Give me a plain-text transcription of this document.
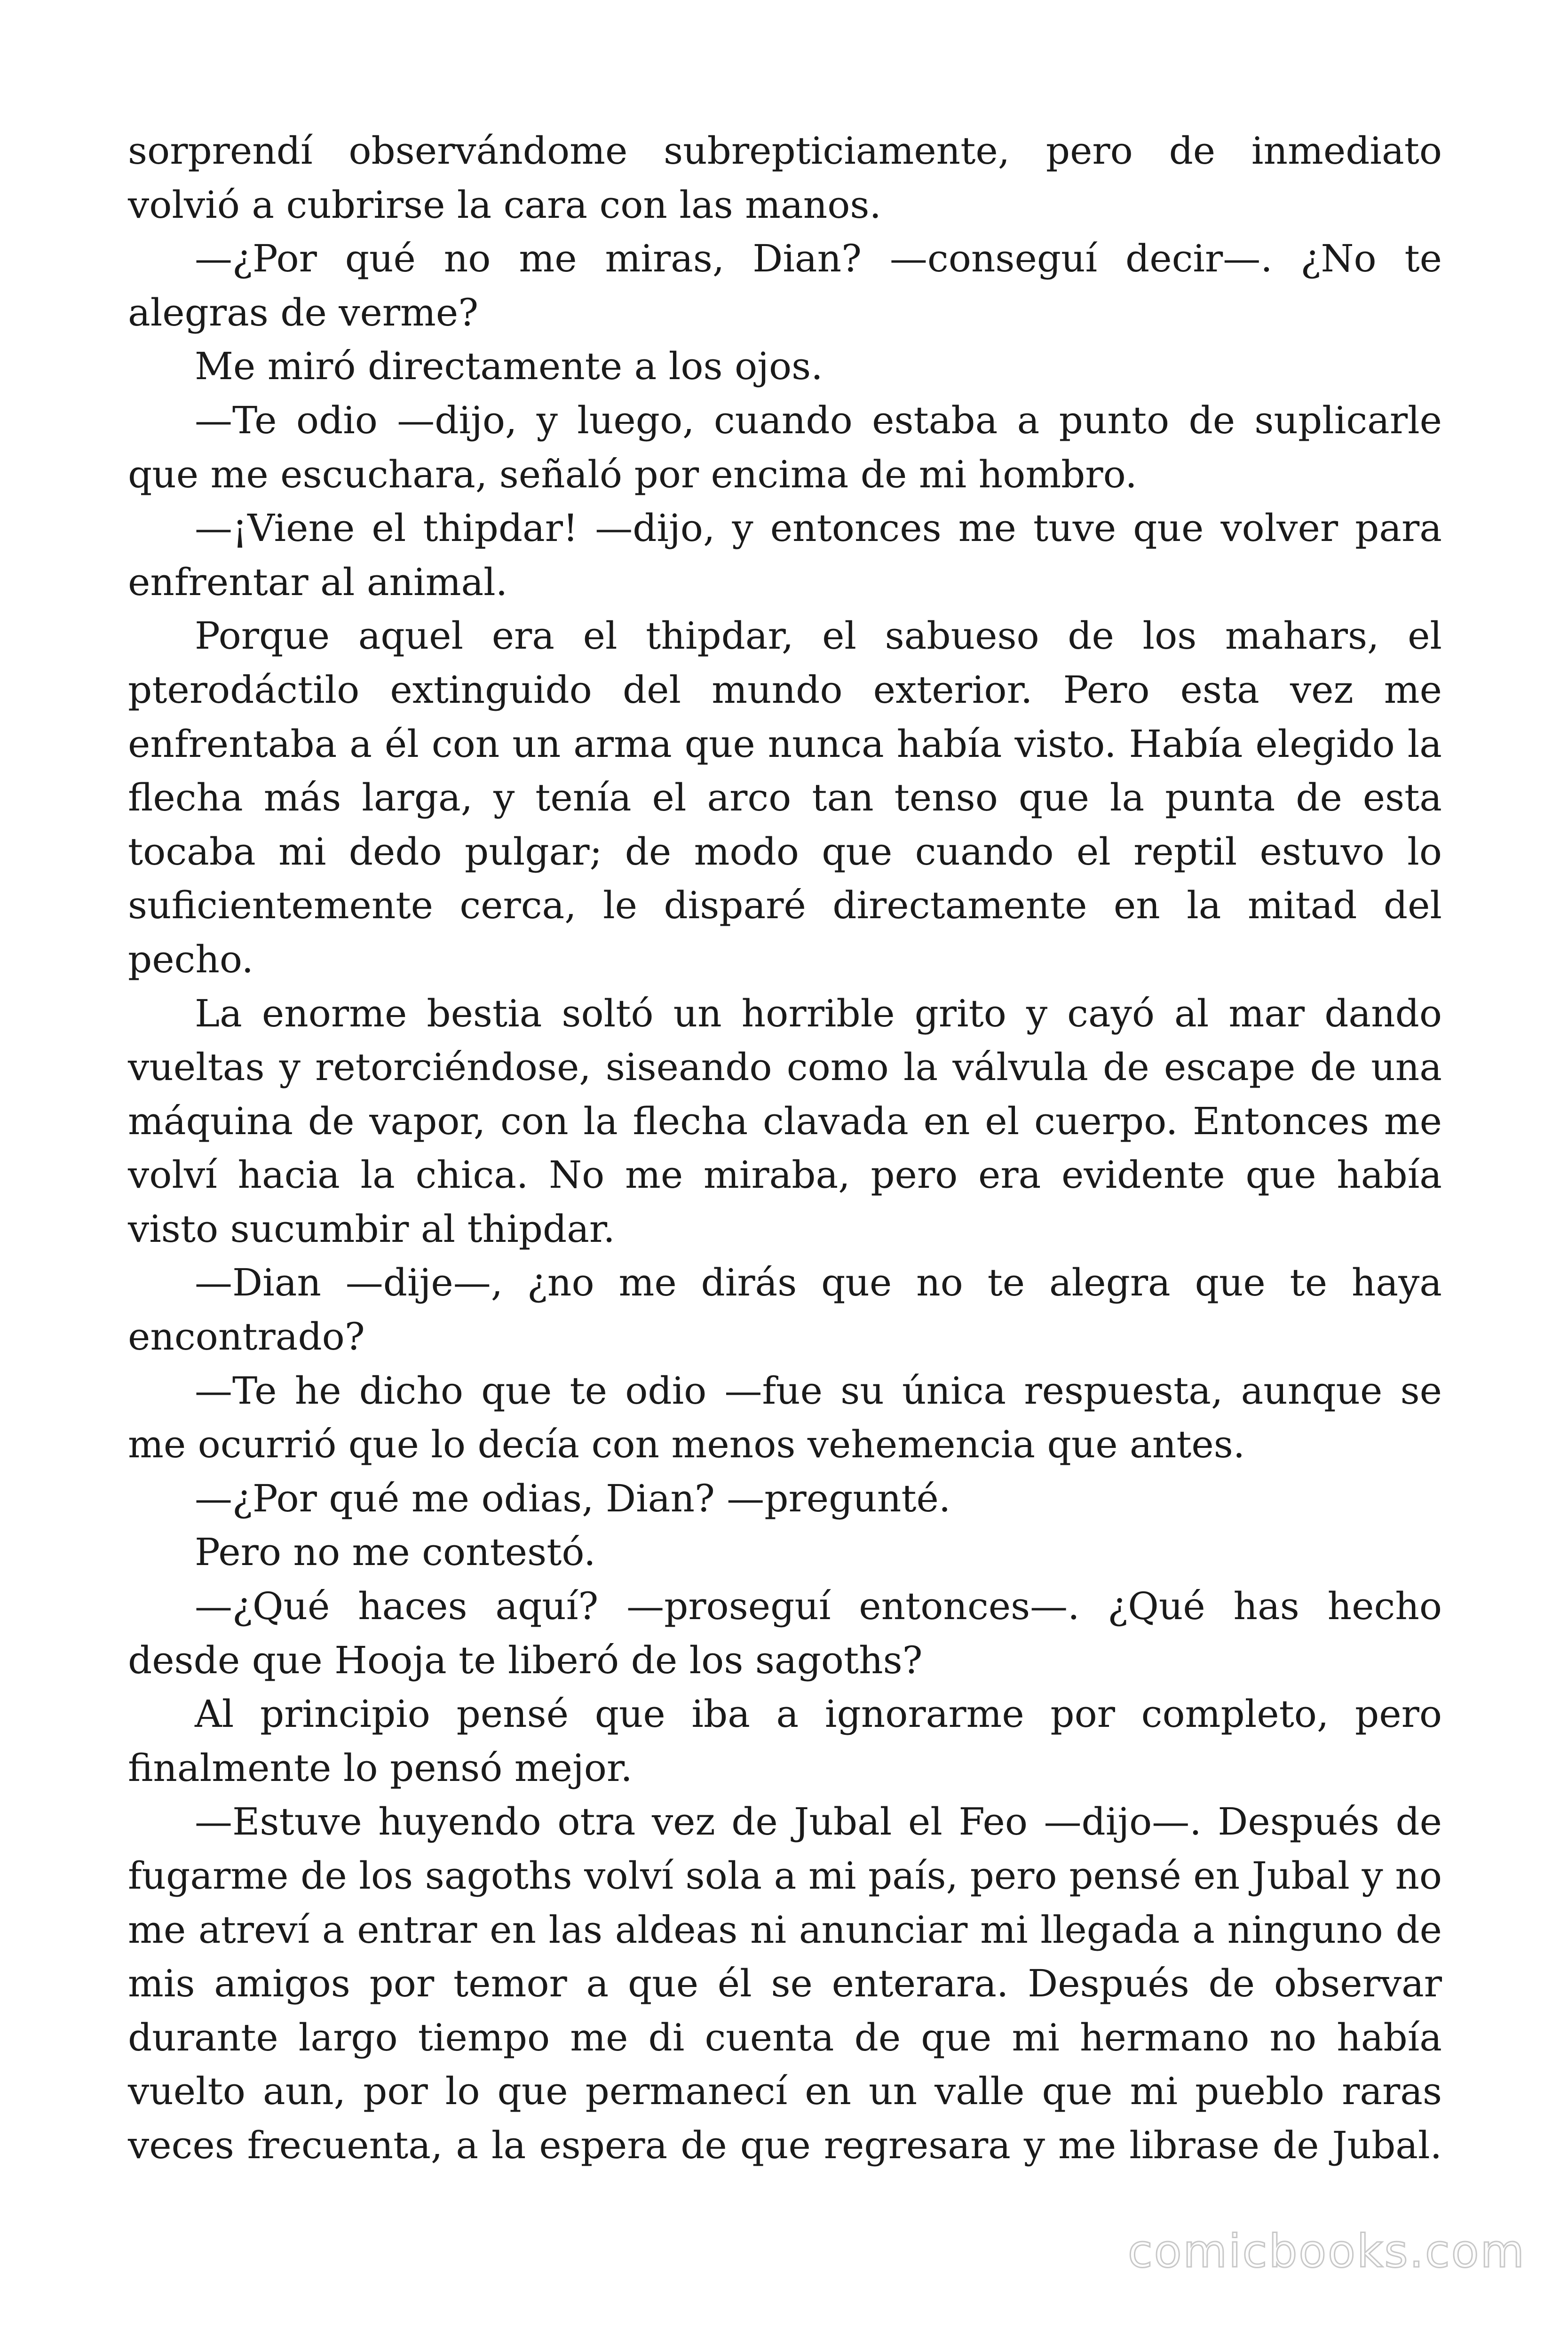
sorprendí observándome subrepticiamente, pero de inmediato volvió a cubrirse la cara con las manos.

—¿Por qué no me miras, Dian? —conseguí decir—. ¿No te alegras de verme?

Me miró directamente a los ojos.

—Te odio —dijo, y luego, cuando estaba a punto de suplicarle que me escuchara, señaló por encima de mi hombro.

—¡Viene el thipdar! —dijo, y entonces me tuve que volver para enfrentar al animal.

Porque aquel era el thipdar, el sabueso de los mahars, el pterodáctilo extinguido del mundo exterior. Pero esta vez me enfrentaba a él con un arma que nunca había visto. Había elegido la flecha más larga, y tenía el arco tan tenso que la punta de esta tocaba mi dedo pulgar; de modo que cuando el reptil estuvo lo suficientemente cerca, le disparé directamente en la mitad del pecho.

La enorme bestia soltó un horrible grito y cayó al mar dando vueltas y retorciéndose, siseando como la válvula de escape de una máquina de vapor, con la flecha clavada en el cuerpo. Entonces me volví hacia la chica. No me miraba, pero era evidente que había visto sucumbir al thipdar.

—Dian —dije—, ¿no me dirás que no te alegra que te haya encontrado?

—Te he dicho que te odio —fue su única respuesta, aunque se me ocurrió que lo decía con menos vehemencia que antes.

—¿Por qué me odias, Dian? —pregunté.

Pero no me contestó.

—¿Qué haces aquí? —proseguí entonces—. ¿Qué has hecho desde que Hooja te liberó de los sagoths?

Al principio pensé que iba a ignorarme por completo, pero finalmente lo pensó mejor.

—Estuve huyendo otra vez de Jubal el Feo —dijo—. Después de fugarme de los sagoths volví sola a mi país, pero pensé en Jubal y no me atreví a entrar en las aldeas ni anunciar mi llegada a ninguno de mis amigos por temor a que él se enterara. Después de observar durante largo tiempo me di cuenta de que mi hermano no había vuelto aun, por lo que permanecí en un valle que mi pueblo raras veces frecuenta, a la espera de que regresara y me librase de Jubal.

comicbooks.com
